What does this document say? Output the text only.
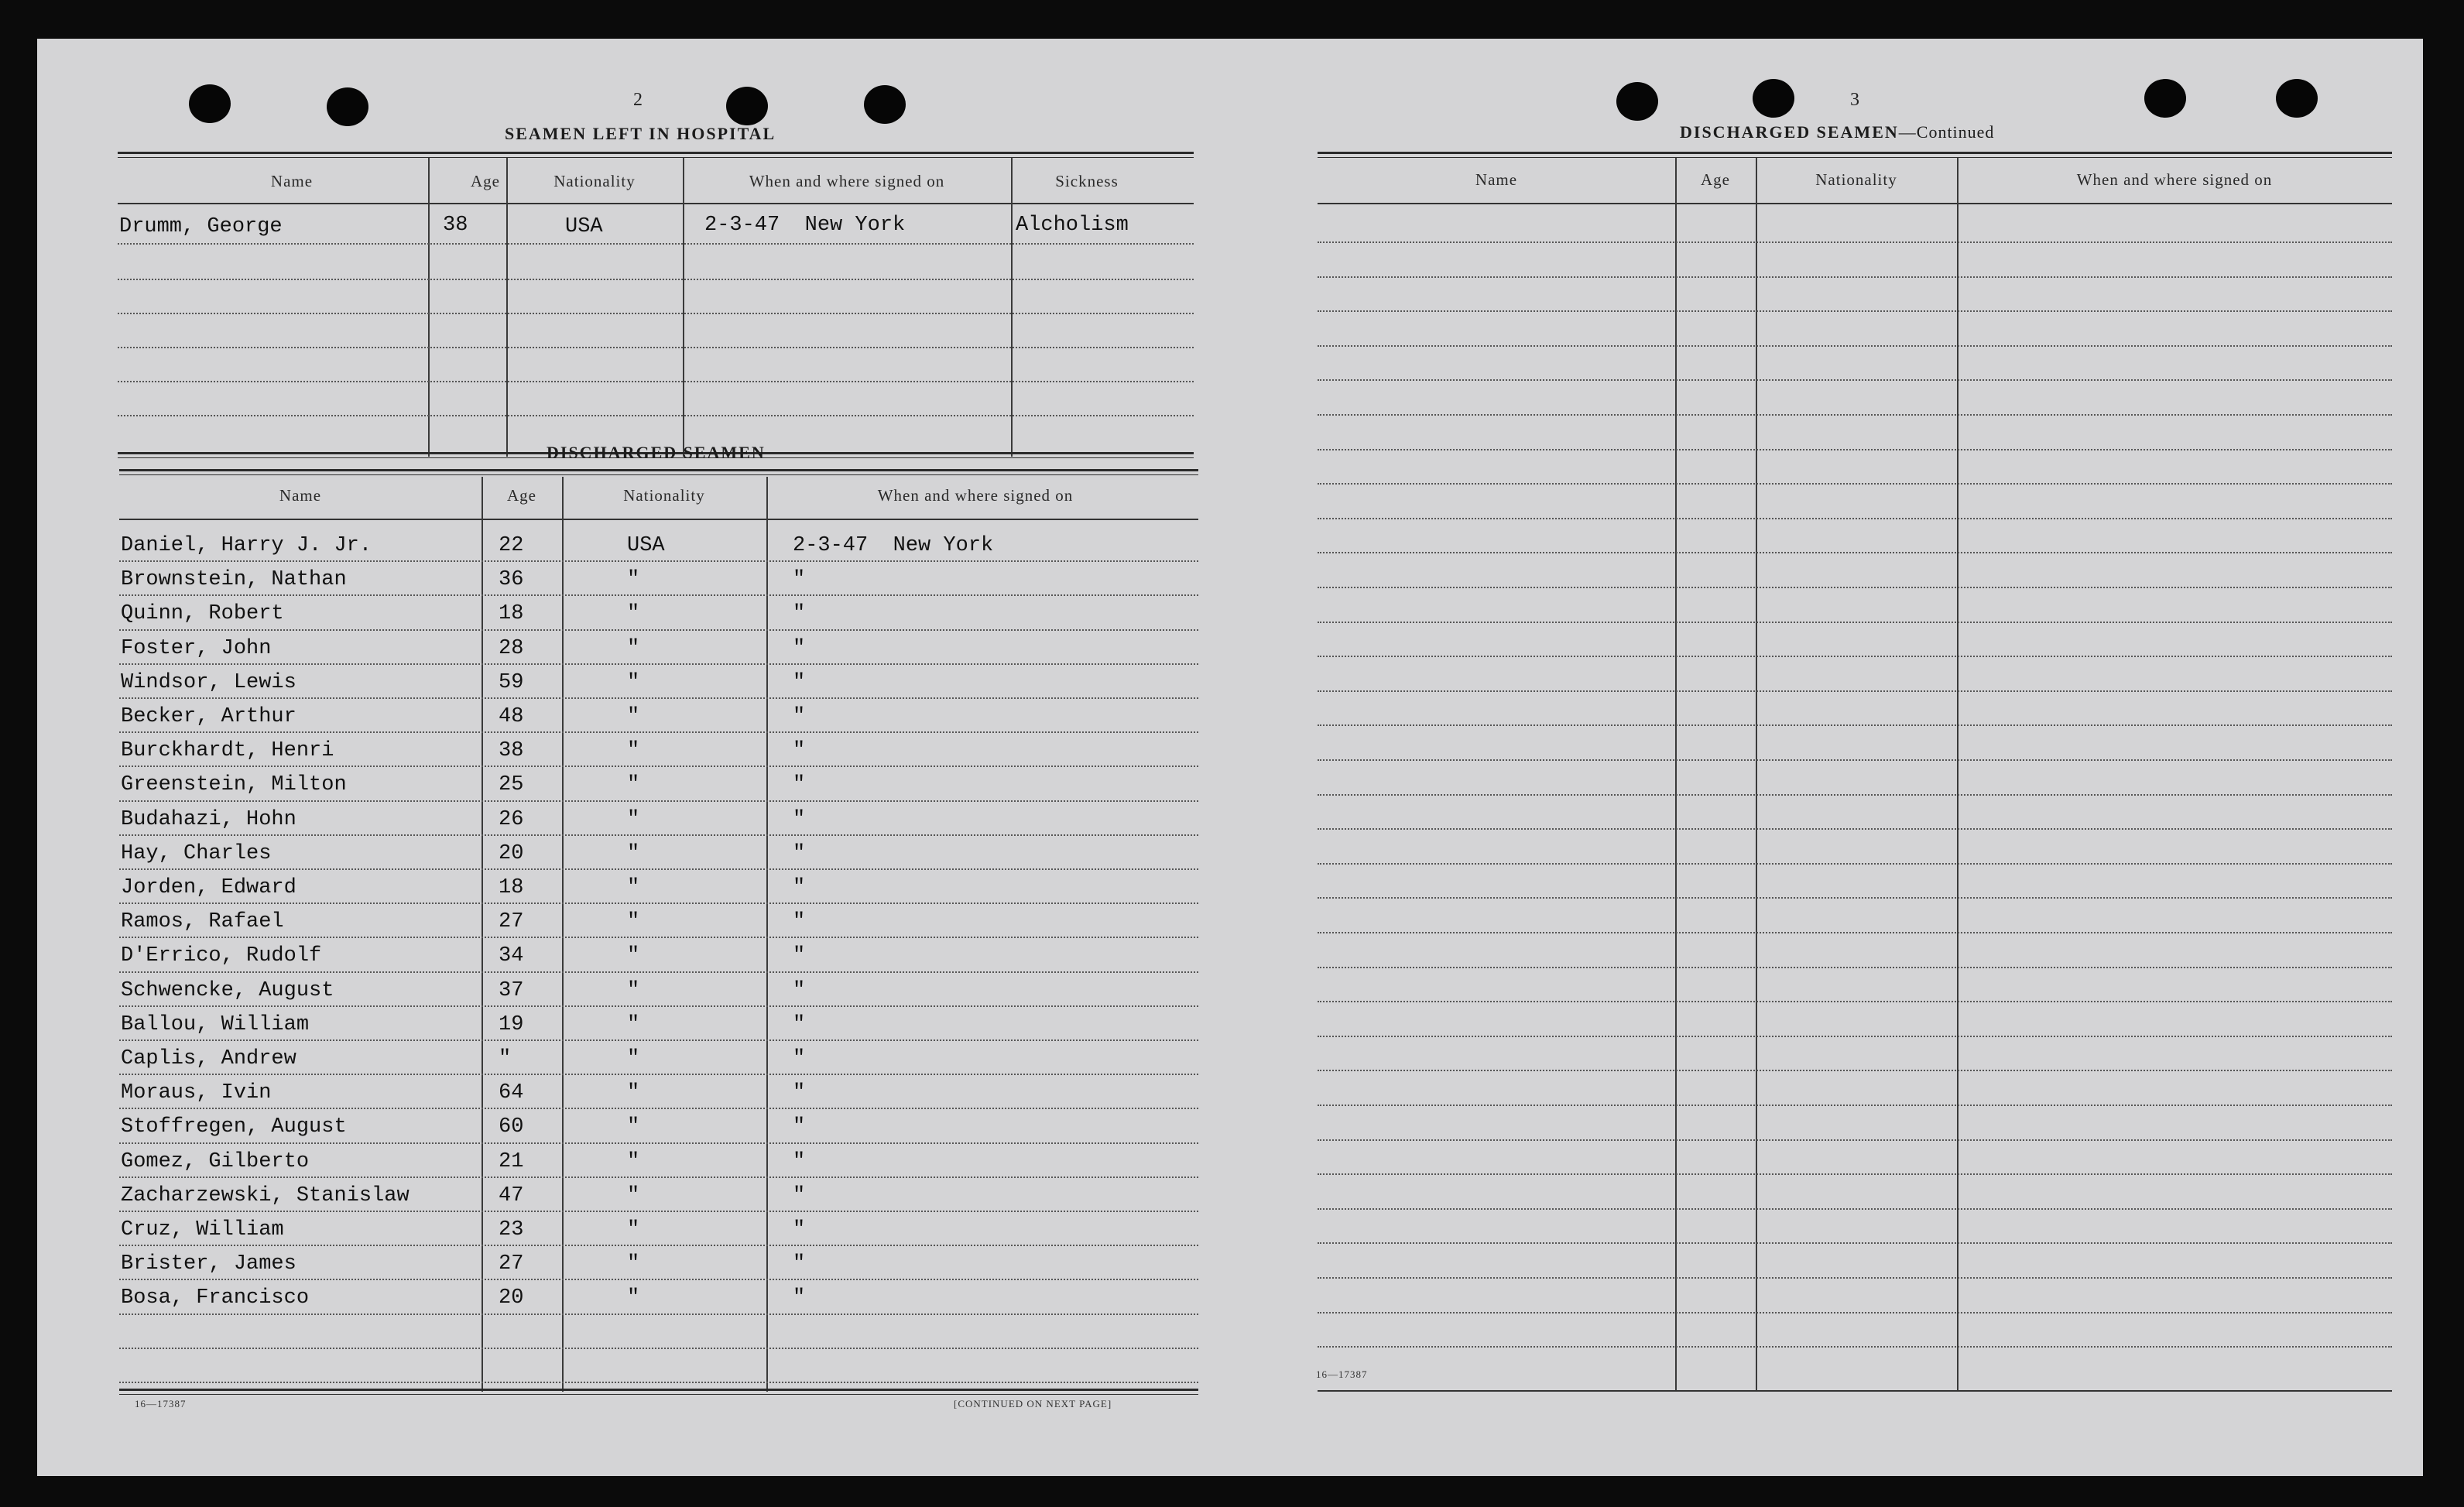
2
SEAMEN LEFT IN HOSPITAL
Name	Age	Nationality	When and where signed on	Sickness
Drumm, George	38	USA	2-3-47  New York	Alcholism
DISCHARGED SEAMEN
Name	Age	Nationality	When and where signed on
Daniel, Harry J. Jr.	22	USA	2-3-47  New York
Brownstein, Nathan	36	"	"
Quinn, Robert	18	"	"
Foster, John	28	"	"
Windsor, Lewis	59	"	"
Becker, Arthur	48	"	"
Burckhardt, Henri	38	"	"
Greenstein, Milton	25	"	"
Budahazi, Hohn	26	"	"
Hay, Charles	20	"	"
Jorden, Edward	18	"	"
Ramos, Rafael	27	"	"
D'Errico, Rudolf	34	"	"
Schwencke, August	37	"	"
Ballou, William	19	"	"
Caplis, Andrew	"	"	"
Moraus, Ivin	64	"	"
Stoffregen, August	60	"	"
Gomez, Gilberto	21	"	"
Zacharzewski, Stanislaw	47	"	"
Cruz, William	23	"	"
Brister, James	27	"	"
Bosa, Francisco	20	"	"
16—17387	[CONTINUED ON NEXT PAGE]
3
DISCHARGED SEAMEN—Continued
Name	Age	Nationality	When and where signed on
16—17387
